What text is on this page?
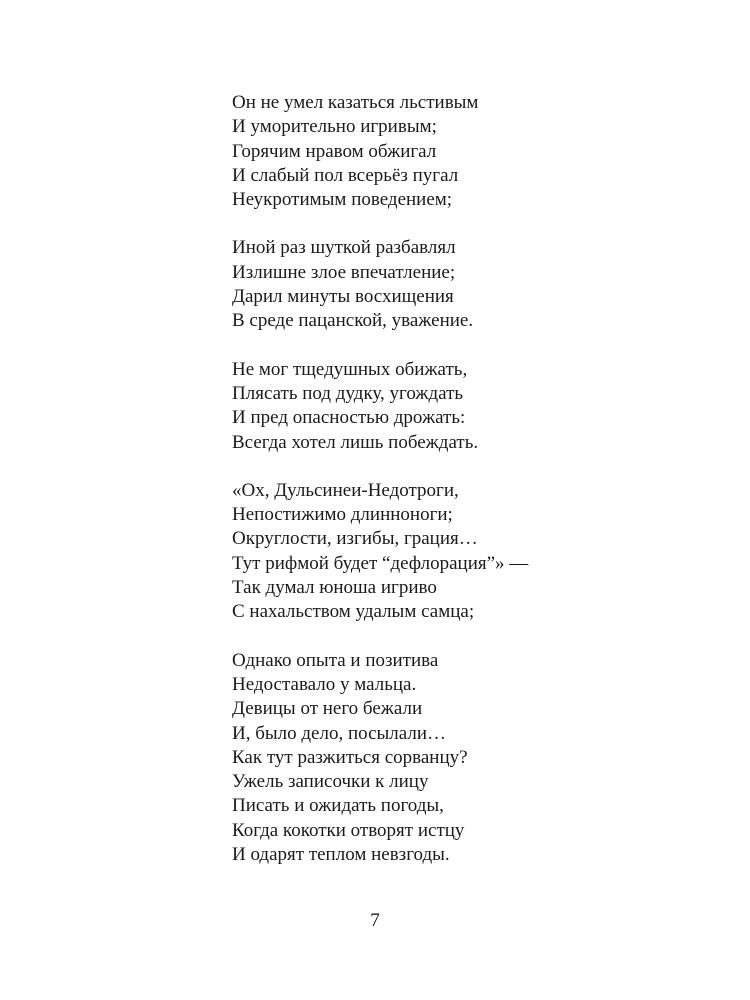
Он не умел казаться льстивым
И уморительно игривым;
Горячим нравом обжигал
И слабый пол всерьёз пугал
Неукротимым поведением;
Иной раз шуткой разбавлял
Излишне злое впечатление;
Дарил минуты восхищения
В среде пацанской, уважение.
Не мог тщедушных обижать,
Плясать под дудку, угождать
И пред опасностью дрожать:
Всегда хотел лишь побеждать.
«Ох, Дульсинеи-Недотроги,
Непостижимо длинноноги;
Округлости, изгибы, грация…
Тут рифмой будет “дефлорация”» —
Так думал юноша игриво
С нахальством удалым самца;
Однако опыта и позитива
Недоставало у мальца.
Девицы от него бежали
И, было дело, посылали…
Как тут разжиться сорванцу?
Ужель записочки к лицу
Писать и ожидать погоды,
Когда кокотки отворят истцу
И одарят теплом невзгоды.
7
